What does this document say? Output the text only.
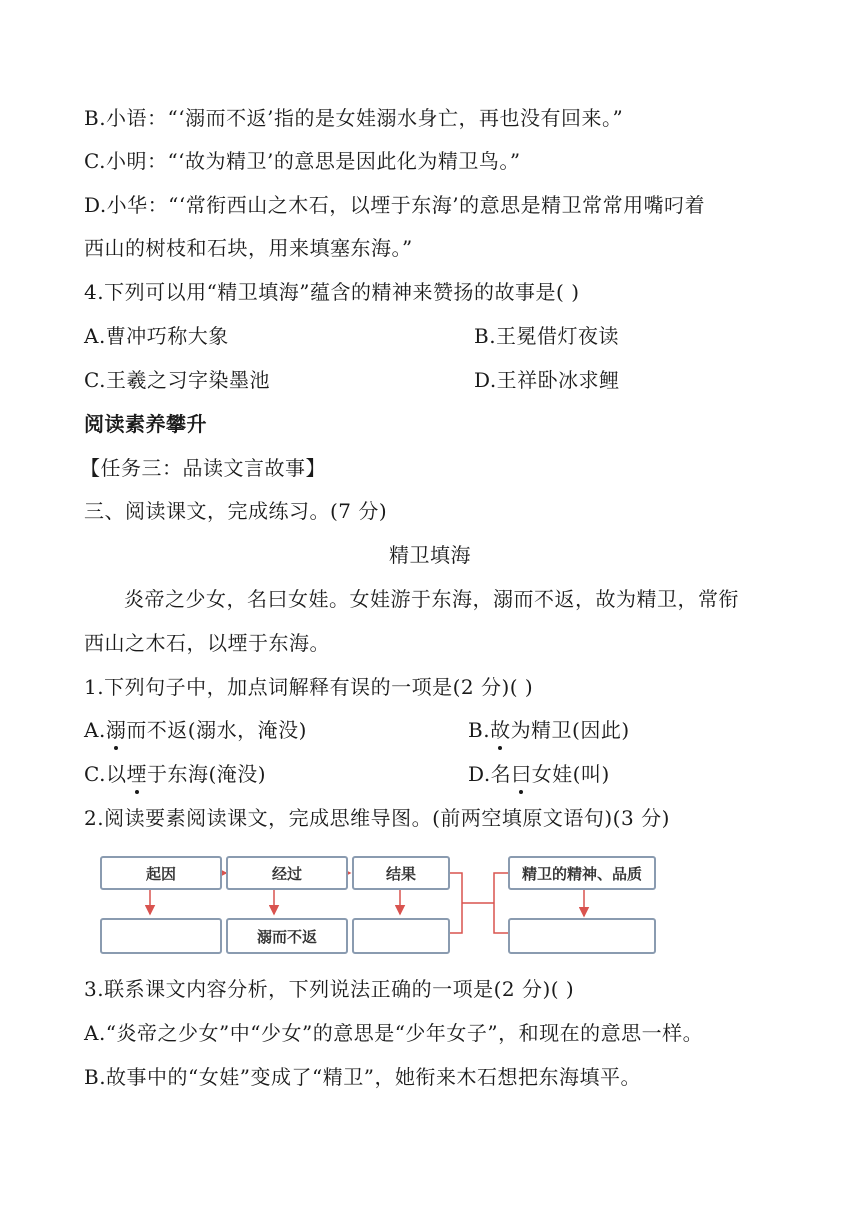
B.小语：“‘溺而不返’指的是女娃溺水身亡，再也没有回来。”
C.小明：“‘故为精卫’的意思是因此化为精卫鸟。”
D.小华：“‘常衔西山之木石，以堙于东海’的意思是精卫常常用嘴叼着
西山的树枝和石块，用来填塞东海。”
4.下列可以用“精卫填海”蕴含的精神来赞扬的故事是( )
A.曹冲巧称大象	B.王冕借灯夜读
C.王羲之习字染墨池	D.王祥卧冰求鲤
阅读素养攀升
【任务三：品读文言故事】
三、阅读课文，完成练习。(7 分)
精卫填海
炎帝之少女，名曰女娃。女娃游于东海，溺而不返，故为精卫，常衔
西山之木石，以堙于东海。
1.下列句子中，加点词解释有误的一项是(2 分)( )
A.溺而不返(溺水，淹没)	B.故为精卫(因此)
C.以堙于东海(淹没)	D.名曰女娃(叫)
2.阅读要素阅读课文，完成思维导图。(前两空填原文语句)(3 分)
起因	经过	结果	精卫的精神、品质
溺而不返
3.联系课文内容分析，下列说法正确的一项是(2 分)( )
A.“炎帝之少女”中“少女”的意思是“少年女子”，和现在的意思一样。
B.故事中的“女娃”变成了“精卫”，她衔来木石想把东海填平。
